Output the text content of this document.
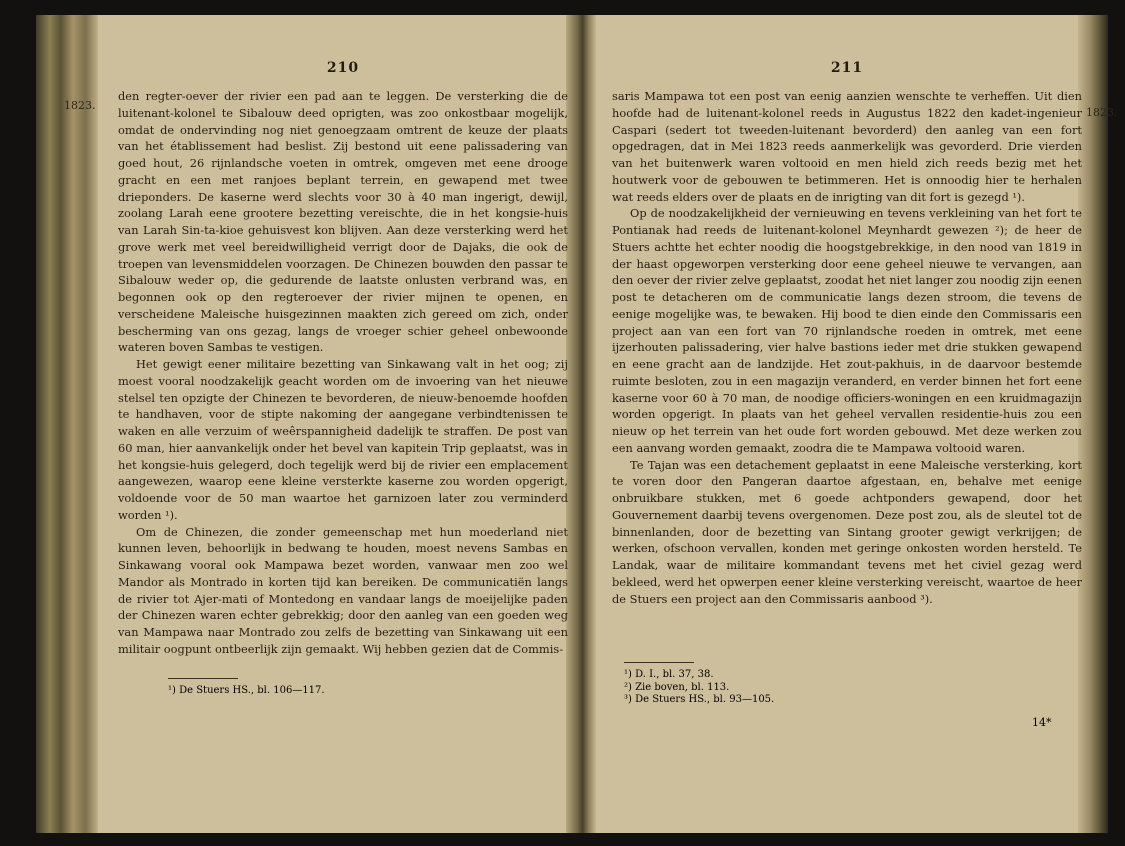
1823.
210

den regter-oever der rivier een pad aan te leggen. De versterking die de luitenant-kolonel te Sibalouw deed oprigten, was zoo onkostbaar mogelijk, omdat de ondervinding nog niet genoegzaam omtrent de keuze der plaats van het établissement had beslist. Zij bestond uit eene palissadering van goed hout, 26 rijnlandsche voeten in omtrek, omgeven met eene drooge gracht en een met ranjoes beplant terrein, en gewapend met twee drieponders. De kaserne werd slechts voor 30 à 40 man ingerigt, dewijl, zoolang Larah eene grootere bezetting vereischte, die in het kongsie-huis van Larah Sin-ta-kioe gehuisvest kon blijven. Aan deze versterking werd het grove werk met veel bereidwilligheid verrigt door de Dajaks, die ook de troepen van levensmiddelen voorzagen. De Chinezen bouwden den passar te Sibalouw weder op, die gedurende de laatste onlusten verbrand was, en begonnen ook op den regteroever der rivier mijnen te openen, en verscheidene Maleische huisgezinnen maakten zich gereed om zich, onder bescherming van ons gezag, langs de vroeger schier geheel onbewoonde wateren boven Sambas te vestigen.

Het gewigt eener militaire bezetting van Sinkawang valt in het oog; zij moest vooral noodzakelijk geacht worden om de invoering van het nieuwe stelsel ten opzigte der Chinezen te bevorderen, de nieuw-benoemde hoofden te handhaven, voor de stipte nakoming der aangegane verbindtenissen te waken en alle verzuim of weêrspannigheid dadelijk te straffen. De post van 60 man, hier aanvankelijk onder het bevel van kapitein Trip geplaatst, was in het kongsie-huis gelegerd, doch tegelijk werd bij de rivier een emplacement aangewezen, waarop eene kleine versterkte kaserne zou worden opgerigt, voldoende voor de 50 man waartoe het garnizoen later zou verminderd worden ¹).

Om de Chinezen, die zonder gemeenschap met hun moederland niet kunnen leven, behoorlijk in bedwang te houden, moest nevens Sambas en Sinkawang vooral ook Mampawa bezet worden, vanwaar men zoo wel Mandor als Montrado in korten tijd kan bereiken. De communicatiën langs de rivier tot Ajer-mati of Montedong en vandaar langs de moeijelijke paden der Chinezen waren echter gebrekkig; door den aanleg van een goeden weg van Mampawa naar Montrado zou zelfs de bezetting van Sinkawang uit een militair oogpunt ontbeerlijk zijn gemaakt. Wij hebben gezien dat de Commis-

¹) De Stuers HS., bl. 106—117.

1823.
211

saris Mampawa tot een post van eenig aanzien wenschte te verheffen. Uit dien hoofde had de luitenant-kolonel reeds in Augustus 1822 den kadet-ingenieur Caspari (sedert tot tweeden-luitenant bevorderd) den aanleg van een fort opgedragen, dat in Mei 1823 reeds aanmerkelijk was gevorderd. Drie vierden van het buitenwerk waren voltooid en men hield zich reeds bezig met het houtwerk voor de gebouwen te betimmeren. Het is onnoodig hier te herhalen wat reeds elders over de plaats en de inrigting van dit fort is gezegd ¹).

Op de noodzakelijkheid der vernieuwing en tevens verkleining van het fort te Pontianak had reeds de luitenant-kolonel Meynhardt gewezen ²); de heer de Stuers achtte het echter noodig die hoogstgebrekkige, in den nood van 1819 in der haast opgeworpen versterking door eene geheel nieuwe te vervangen, aan den oever der rivier zelve geplaatst, zoodat het niet langer zou noodig zijn eenen post te detacheren om de communicatie langs dezen stroom, die tevens de eenige mogelijke was, te bewaken. Hij bood te dien einde den Commissaris een project aan van een fort van 70 rijnlandsche roeden in omtrek, met eene ijzerhouten palissadering, vier halve bastions ieder met drie stukken gewapend en eene gracht aan de landzijde. Het zout-pakhuis, in de daarvoor bestemde ruimte besloten, zou in een magazijn veranderd, en verder binnen het fort eene kaserne voor 60 à 70 man, de noodige officiers-woningen en een kruidmagazijn worden opgerigt. In plaats van het geheel vervallen residentie-huis zou een nieuw op het terrein van het oude fort worden gebouwd. Met deze werken zou een aanvang worden gemaakt, zoodra die te Mampawa voltooid waren.

Te Tajan was een detachement geplaatst in eene Maleische versterking, kort te voren door den Pangeran daartoe afgestaan, en, behalve met eenige onbruikbare stukken, met 6 goede achtponders gewapend, door het Gouvernement daarbij tevens overgenomen. Deze post zou, als de sleutel tot de binnenlanden, door de bezetting van Sintang grooter gewigt verkrijgen; de werken, ofschoon vervallen, konden met geringe onkosten worden hersteld. Te Landak, waar de militaire kommandant tevens met het civiel gezag werd bekleed, werd het opwerpen eener kleine versterking vereischt, waartoe de heer de Stuers een project aan den Commissaris aanbood ³).

¹) D. I., bl. 37, 38.

²) Zie boven, bl. 113.

³) De Stuers HS., bl. 93—105.

14*
